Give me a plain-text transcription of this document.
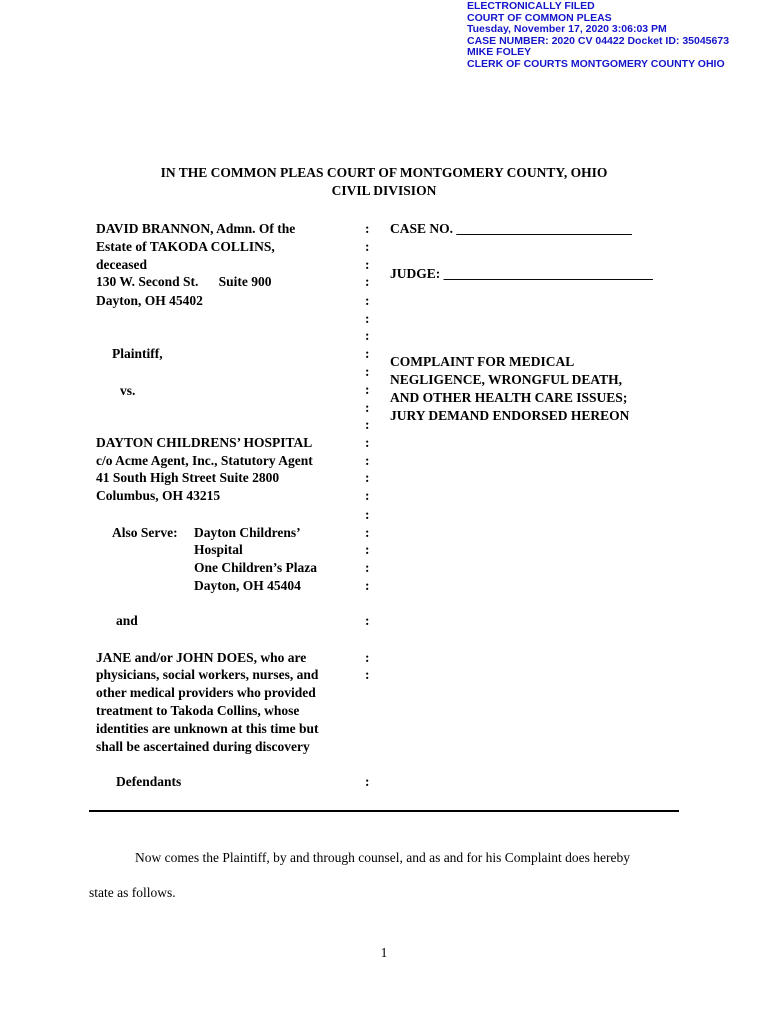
ELECTRONICALLY FILED
COURT OF COMMON PLEAS
Tuesday, November 17, 2020 3:06:03 PM
CASE NUMBER: 2020 CV 04422 Docket ID: 35045673
MIKE FOLEY
CLERK OF COURTS MONTGOMERY COUNTY OHIO
IN THE COMMON PLEAS COURT OF MONTGOMERY COUNTY, OHIO
CIVIL DIVISION
DAVID BRANNON, Admn. Of the
Estate of TAKODA COLLINS,
deceased
130 W. Second St.      Suite 900
Dayton, OH 45402
Plaintiff,
vs.
DAYTON CHILDRENS’ HOSPITAL
c/o Acme Agent, Inc., Statutory Agent
41 South High Street Suite 2800
Columbus, OH 43215
Also Serve: Dayton Childrens’
Hospital
One Children’s Plaza
Dayton, OH 45404
and
JANE and/or JOHN DOES, who are
physicians, social workers, nurses, and
other medical providers who provided
treatment to Takoda Collins, whose
identities are unknown at this time but
shall be ascertained during discovery
Defendants
:
:
:
:
:
:
:
:
:
:
:
:
:
:
:
:
:
:
:
:
:
:
:
:
:
CASE NO. __________________________
JUDGE: _______________________________
COMPLAINT FOR MEDICAL
NEGLIGENCE, WRONGFUL DEATH,
AND OTHER HEALTH CARE ISSUES;
JURY DEMAND ENDORSED HEREON
Now comes the Plaintiff, by and through counsel, and as and for his Complaint does hereby
state as follows.
1
